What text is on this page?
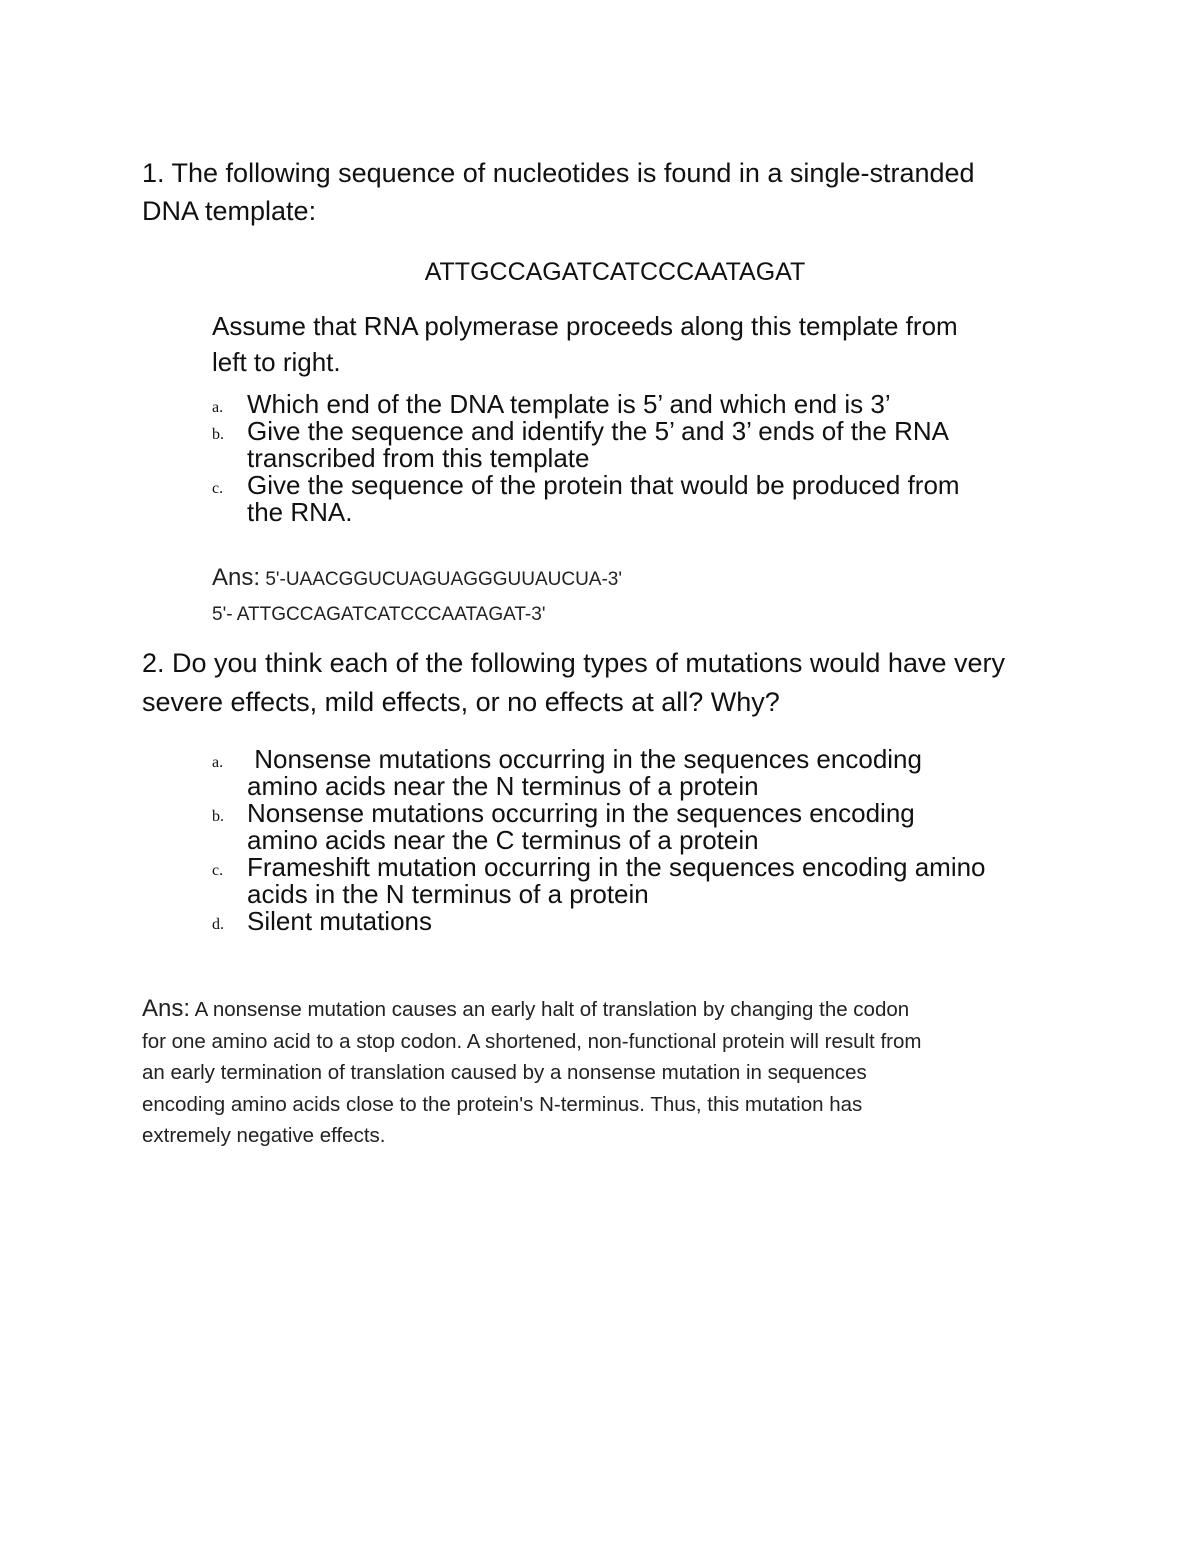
1. The following sequence of nucleotides is found in a single-stranded
DNA template:
ATTGCCAGATCATCCCAATAGAT
Assume that RNA polymerase proceeds along this template from
left to right.
a. Which end of the DNA template is 5’ and which end is 3’
b. Give the sequence and identify the 5’ and 3’ ends of the RNA
transcribed from this template
c. Give the sequence of the protein that would be produced from
the RNA.
Ans: 5'-UAACGGUCUAGUAGGGUUAUCUA-3'
5'- ATTGCCAGATCATCCCAATAGAT-3'
2. Do you think each of the following types of mutations would have very
severe effects, mild effects, or no effects at all? Why?
a. Nonsense mutations occurring in the sequences encoding
amino acids near the N terminus of a protein
b. Nonsense mutations occurring in the sequences encoding
amino acids near the C terminus of a protein
c. Frameshift mutation occurring in the sequences encoding amino
acids in the N terminus of a protein
d. Silent mutations
Ans: A nonsense mutation causes an early halt of translation by changing the codon
for one amino acid to a stop codon. A shortened, non-functional protein will result from
an early termination of translation caused by a nonsense mutation in sequences
encoding amino acids close to the protein's N-terminus. Thus, this mutation has
extremely negative effects.
